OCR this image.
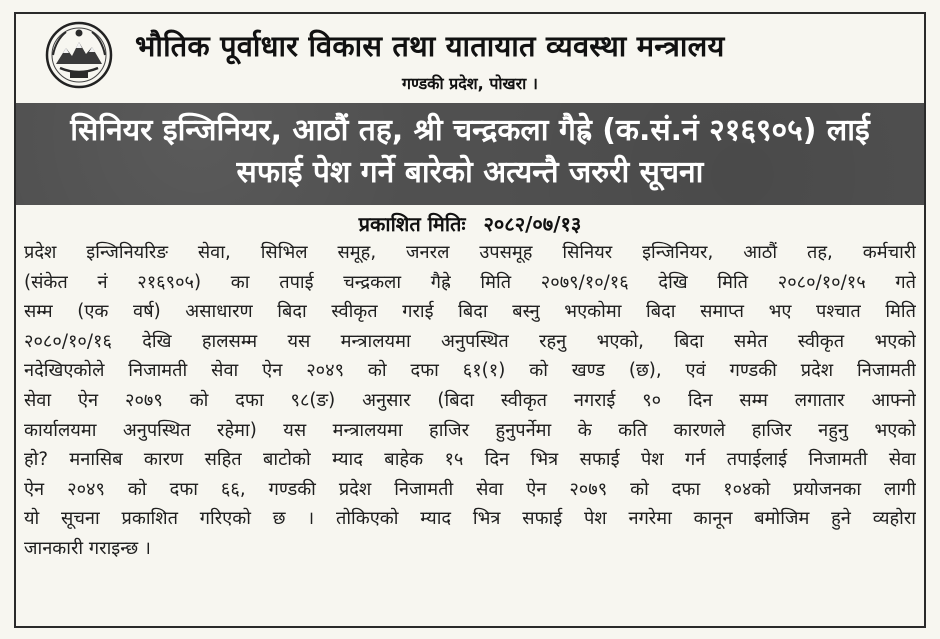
भौतिक पूर्वाधार विकास तथा यातायात व्यवस्था मन्त्रालय
गण्डकी प्रदेश, पोखरा ।
सिनियर इन्जिनियर, आठौं तह, श्री चन्द्रकला गैह्रे (क.सं.नं २१६९०५) लाई
सफाई पेश गर्ने बारेको अत्यन्तै जरुरी सूचना
प्रकाशित मितिः २०८२/०७/१३
प्रदेश इन्जिनियरिङ सेवा, सिभिल समूह, जनरल उपसमूह सिनियर इन्जिनियर, आठौं तह, कर्मचारी
(संकेत नं २१६९०५) का तपाई चन्द्रकला गैह्रे मिति २०७९/१०/१६ देखि मिति २०८०/१०/१५ गते
सम्म (एक वर्ष) असाधारण बिदा स्वीकृत गराई बिदा बस्नु भएकोमा बिदा समाप्त भए पश्चात मिति
२०८०/१०/१६ देखि हालसम्म यस मन्त्रालयमा अनुपस्थित रहनु भएको, बिदा समेत स्वीकृत भएको
नदेखिएकोले निजामती सेवा ऐन २०४९ को दफा ६१(१) को खण्ड (छ), एवं गण्डकी प्रदेश निजामती
सेवा ऐन २०७९ को दफा ९८(ङ) अनुसार (बिदा स्वीकृत नगराई ९० दिन सम्म लगातार आफ्नो
कार्यालयमा अनुपस्थित रहेमा) यस मन्त्रालयमा हाजिर हुनुपर्नेमा के कति कारणले हाजिर नहुनु भएको
हो? मनासिब कारण सहित बाटोको म्याद बाहेक १५ दिन भित्र सफाई पेश गर्न तपाईलाई निजामती सेवा
ऐन २०४९ को दफा ६६, गण्डकी प्रदेश निजामती सेवा ऐन २०७९ को दफा १०४को प्रयोजनका लागी
यो सूचना प्रकाशित गरिएको छ । तोकिएको म्याद भित्र सफाई पेश नगरेमा कानून बमोजिम हुने व्यहोरा
जानकारी गराइन्छ ।
